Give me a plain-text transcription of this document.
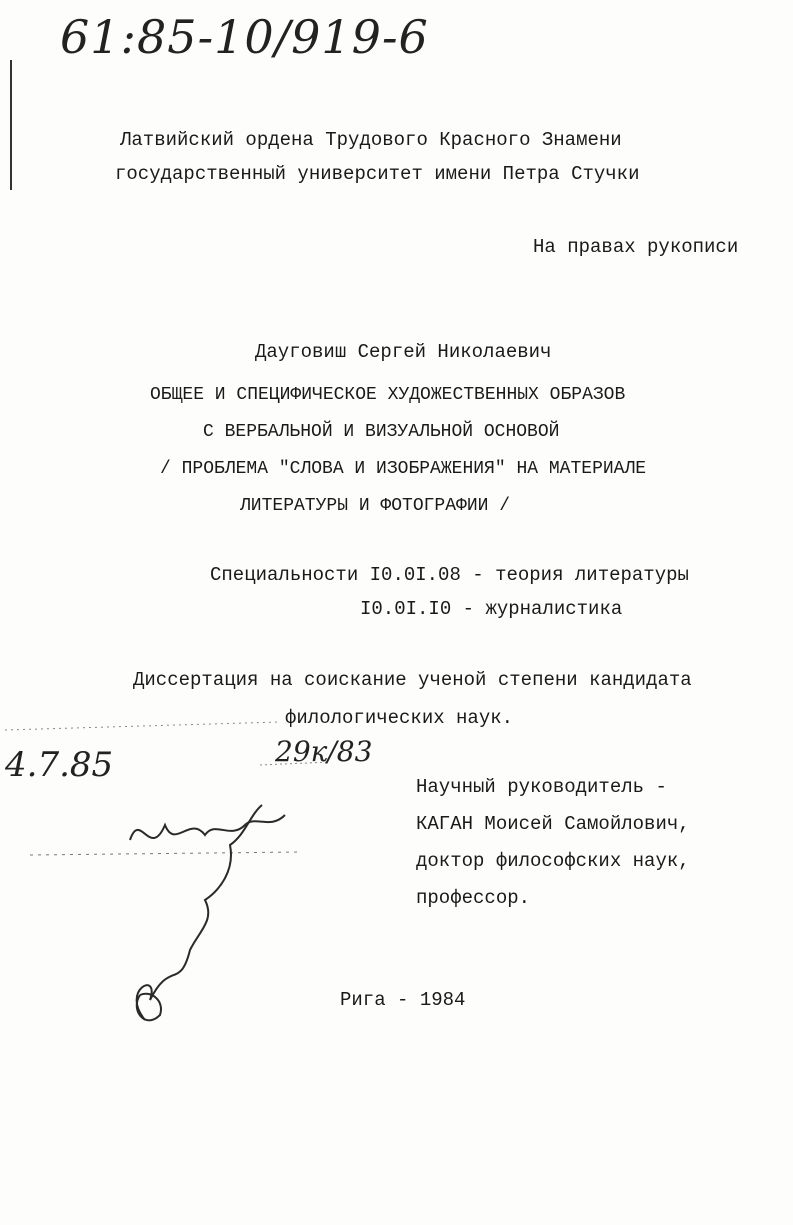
61:85-10/919-6
Латвийский ордена Трудового Красного Знамени
государственный университет имени Петра Стучки
На правах рукописи
Дауговиш Сергей Николаевич
ОБЩЕЕ И СПЕЦИФИЧЕСКОЕ ХУДОЖЕСТВЕННЫХ ОБРАЗОВ
С ВЕРБАЛЬНОЙ И ВИЗУАЛЬНОЙ ОСНОВОЙ
/ ПРОБЛЕМА "СЛОВА И ИЗОБРАЖЕНИЯ" НА МАТЕРИАЛЕ
ЛИТЕРАТУРЫ И ФОТОГРАФИИ /
Специальности I0.0I.08 - теория литературы
I0.0I.I0 - журналистика
Диссертация на соискание ученой степени кандидата
филологических наук.
4.7.85	29к/83
Научный руководитель -
КАГАН Моисей Самойлович,
доктор философских наук,
профессор.
Рига - 1984
